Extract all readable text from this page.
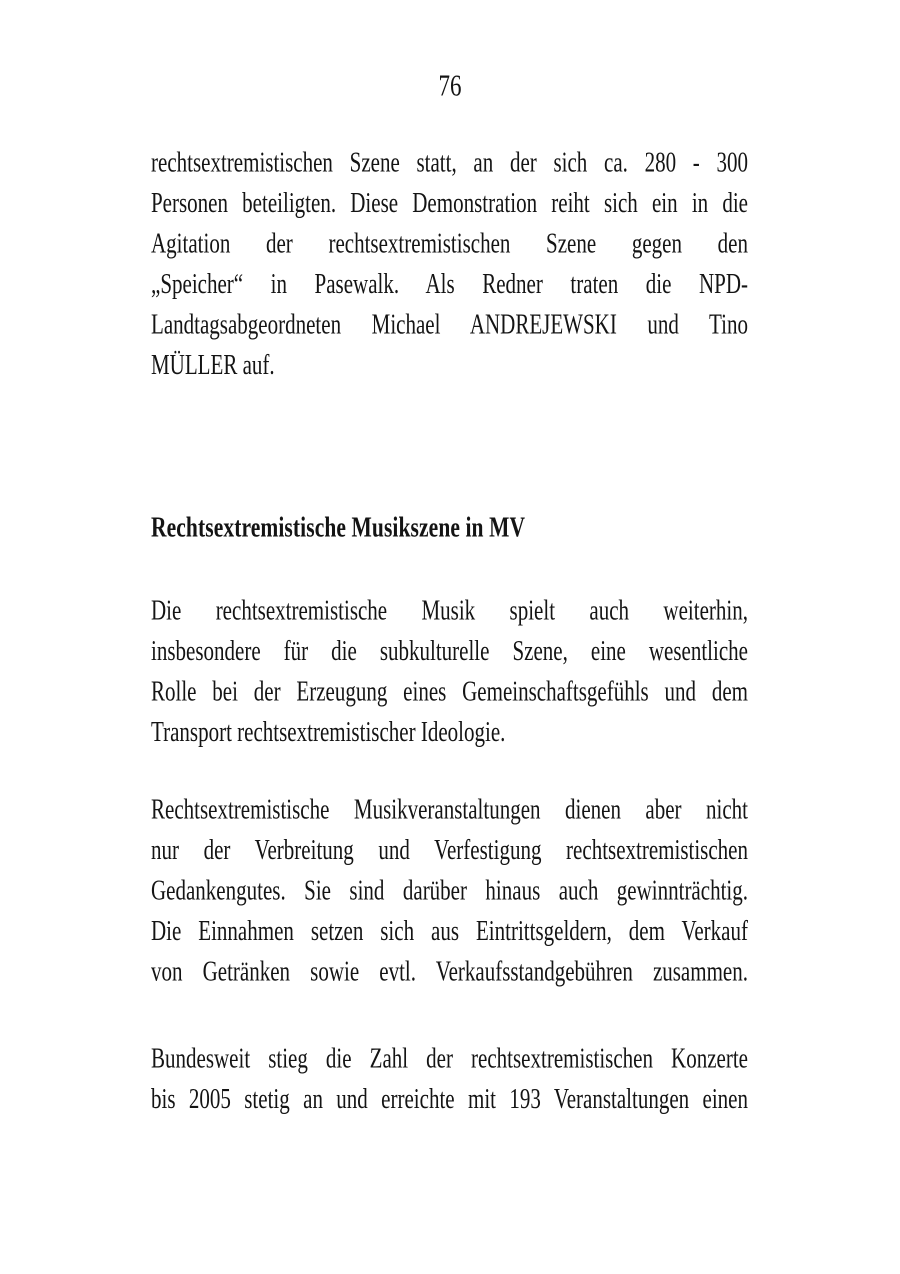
76
rechtsextremistischen Szene statt, an der sich ca. 280 - 300
Personen beteiligten. Diese Demonstration reiht sich ein in die
Agitation der rechtsextremistischen Szene gegen den
„Speicher“ in Pasewalk. Als Redner traten die NPD-
Landtagsabgeordneten Michael ANDREJEWSKI und Tino
MÜLLER auf.
Rechtsextremistische Musikszene in MV
Die rechtsextremistische Musik spielt auch weiterhin,
insbesondere für die subkulturelle Szene, eine wesentliche
Rolle bei der Erzeugung eines Gemeinschaftsgefühls und dem
Transport rechtsextremistischer Ideologie.
Rechtsextremistische Musikveranstaltungen dienen aber nicht
nur der Verbreitung und Verfestigung rechtsextremistischen
Gedankengutes. Sie sind darüber hinaus auch gewinnträchtig.
Die Einnahmen setzen sich aus Eintrittsgeldern, dem Verkauf
von Getränken sowie evtl. Verkaufsstandgebühren zusammen.
Bundesweit stieg die Zahl der rechtsextremistischen Konzerte
bis 2005 stetig an und erreichte mit 193 Veranstaltungen einen
